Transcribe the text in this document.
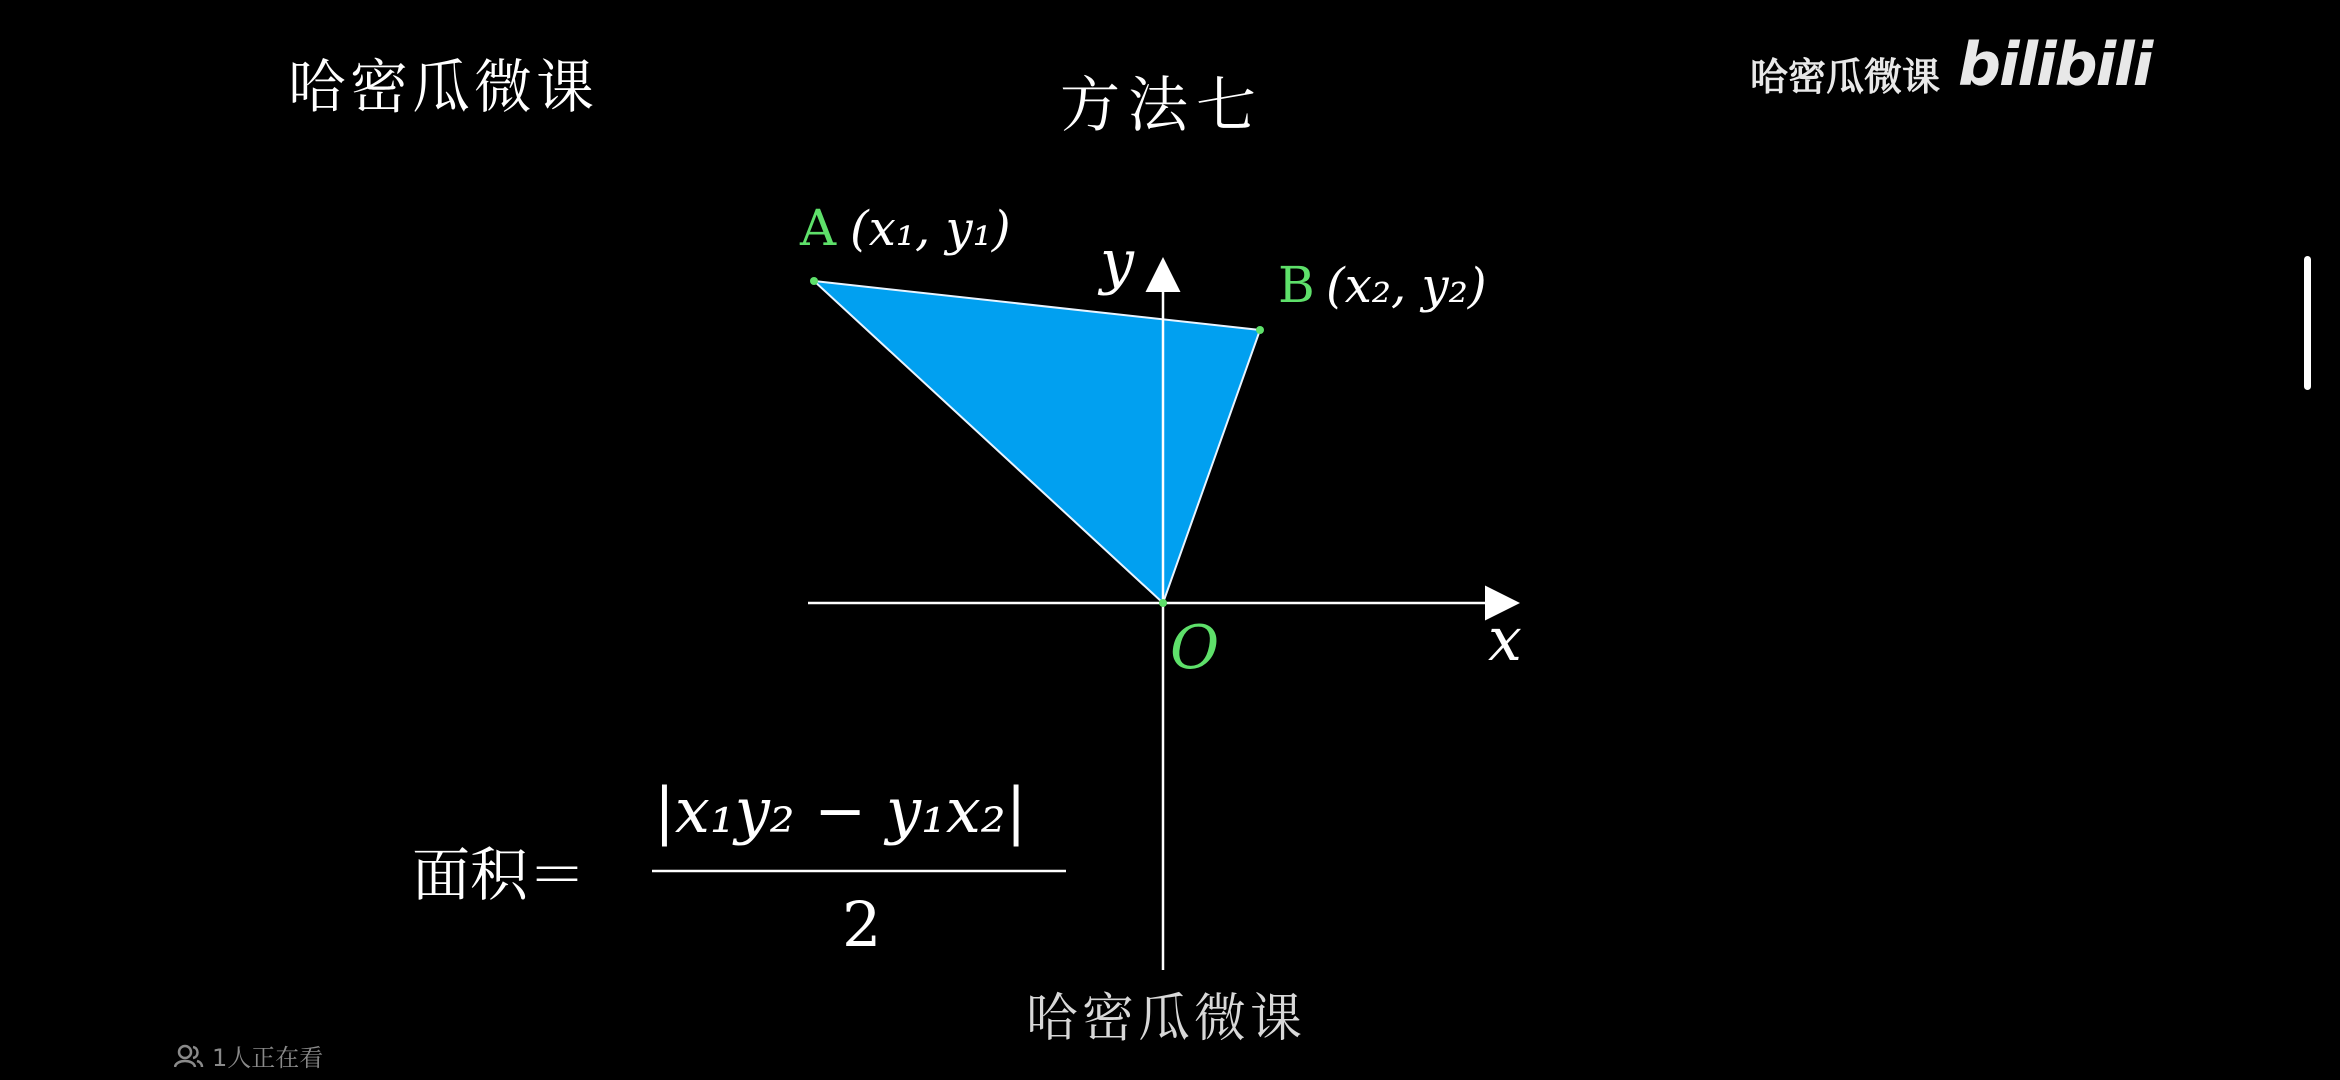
哈密瓜微课	方法七	哈密瓜微课 bilibili
A (x₁, y₁)
B (x₂, y₂)
O	x
y
面积＝
|x₁y₂ − y₁x₂|
2
哈密瓜微课
1人正在看
